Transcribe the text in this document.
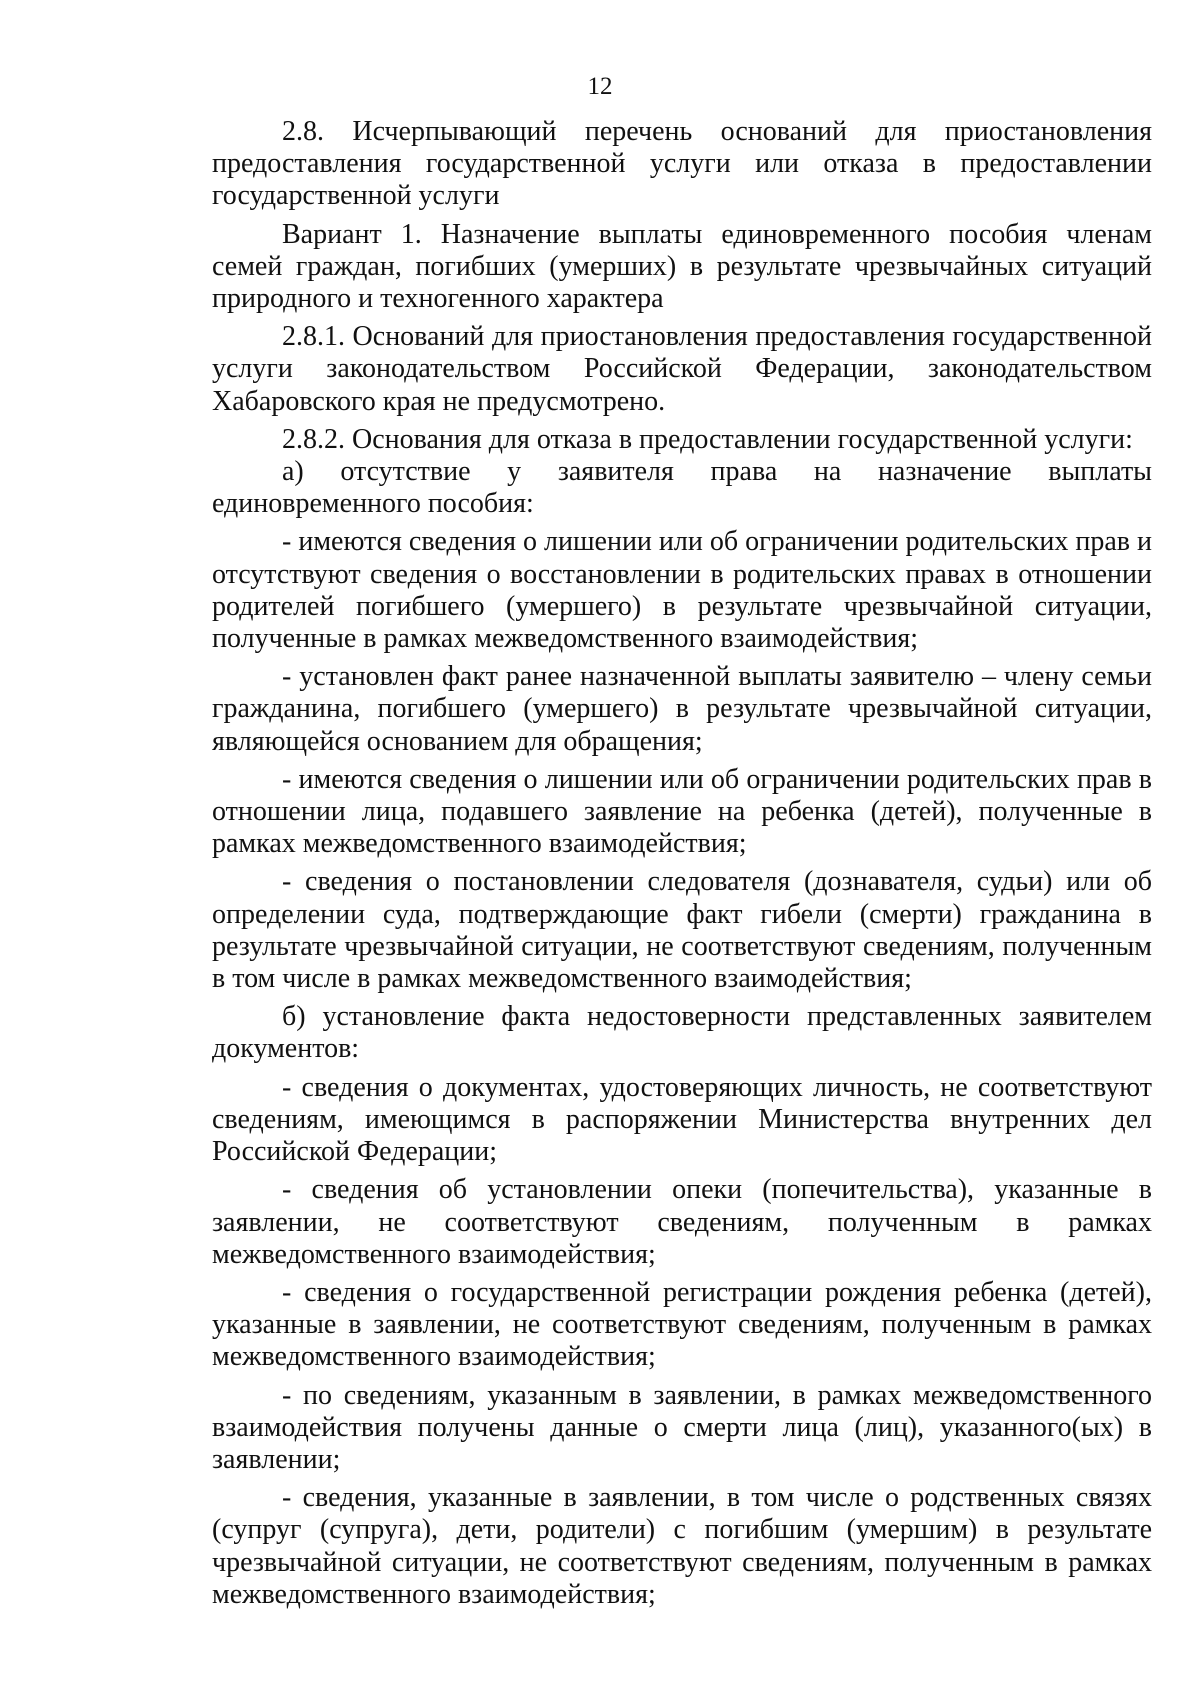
12

2.8. Исчерпывающий перечень оснований для приостановления предоставления государственной услуги или отказа в предоставлении государственной услуги

Вариант 1. Назначение выплаты единовременного пособия членам семей граждан, погибших (умерших) в результате чрезвычайных ситуаций природного и техногенного характера

2.8.1. Оснований для приостановления предоставления государственной услуги законодательством Российской Федерации, законодательством Хабаровского края не предусмотрено.

2.8.2. Основания для отказа в предоставлении государственной услуги:

а) отсутствие у заявителя права на назначение выплаты единовременного пособия:

- имеются сведения о лишении или об ограничении родительских прав и отсутствуют сведения о восстановлении в родительских правах в отношении родителей погибшего (умершего) в результате чрезвычайной ситуации, полученные в рамках межведомственного взаимодействия;

- установлен факт ранее назначенной выплаты заявителю – члену семьи гражданина, погибшего (умершего) в результате чрезвычайной ситуации, являющейся основанием для обращения;

- имеются сведения о лишении или об ограничении родительских прав в отношении лица, подавшего заявление на ребенка (детей), полученные в рамках межведомственного взаимодействия;

- сведения о постановлении следователя (дознавателя, судьи) или об определении суда, подтверждающие факт гибели (смерти) гражданина в результате чрезвычайной ситуации, не соответствуют сведениям, полученным в том числе в рамках межведомственного взаимодействия;

б) установление факта недостоверности представленных заявителем документов:

- сведения о документах, удостоверяющих личность, не соответствуют сведениям, имеющимся в распоряжении Министерства внутренних дел Российской Федерации;

- сведения об установлении опеки (попечительства), указанные в заявлении, не соответствуют сведениям, полученным в рамках межведомственного взаимодействия;

- сведения о государственной регистрации рождения ребенка (детей), указанные в заявлении, не соответствуют сведениям, полученным в рамках межведомственного взаимодействия;

- по сведениям, указанным в заявлении, в рамках межведомственного взаимодействия получены данные о смерти лица (лиц), указанного(ых) в заявлении;

- сведения, указанные в заявлении, в том числе о родственных связях (супруг (супруга), дети, родители) с погибшим (умершим) в результате чрезвычайной ситуации, не соответствуют сведениям, полученным в рамках межведомственного взаимодействия;
